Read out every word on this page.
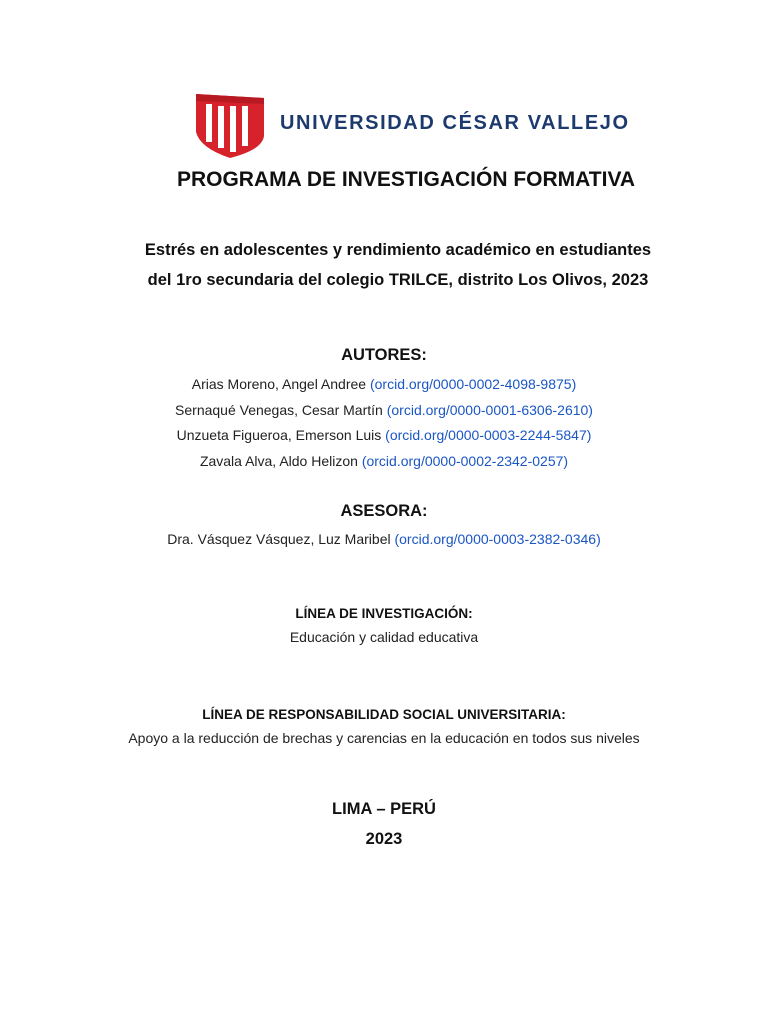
UNIVERSIDAD CÉSAR VALLEJO
PROGRAMA DE INVESTIGACIÓN FORMATIVA
Estrés en adolescentes y rendimiento académico en estudiantes
del 1ro secundaria del colegio TRILCE, distrito Los Olivos, 2023
AUTORES:
Arias Moreno, Angel Andree (orcid.org/0000-0002-4098-9875)
Sernaqué Venegas, Cesar Martín (orcid.org/0000-0001-6306-2610)
Unzueta Figueroa, Emerson Luis (orcid.org/0000-0003-2244-5847)
Zavala Alva, Aldo Helizon (orcid.org/0000-0002-2342-0257)
ASESORA:
Dra. Vásquez Vásquez, Luz Maribel (orcid.org/0000-0003-2382-0346)
LÍNEA DE INVESTIGACIÓN:
Educación y calidad educativa
LÍNEA DE RESPONSABILIDAD SOCIAL UNIVERSITARIA:
Apoyo a la reducción de brechas y carencias en la educación en todos sus niveles
LIMA – PERÚ
2023
